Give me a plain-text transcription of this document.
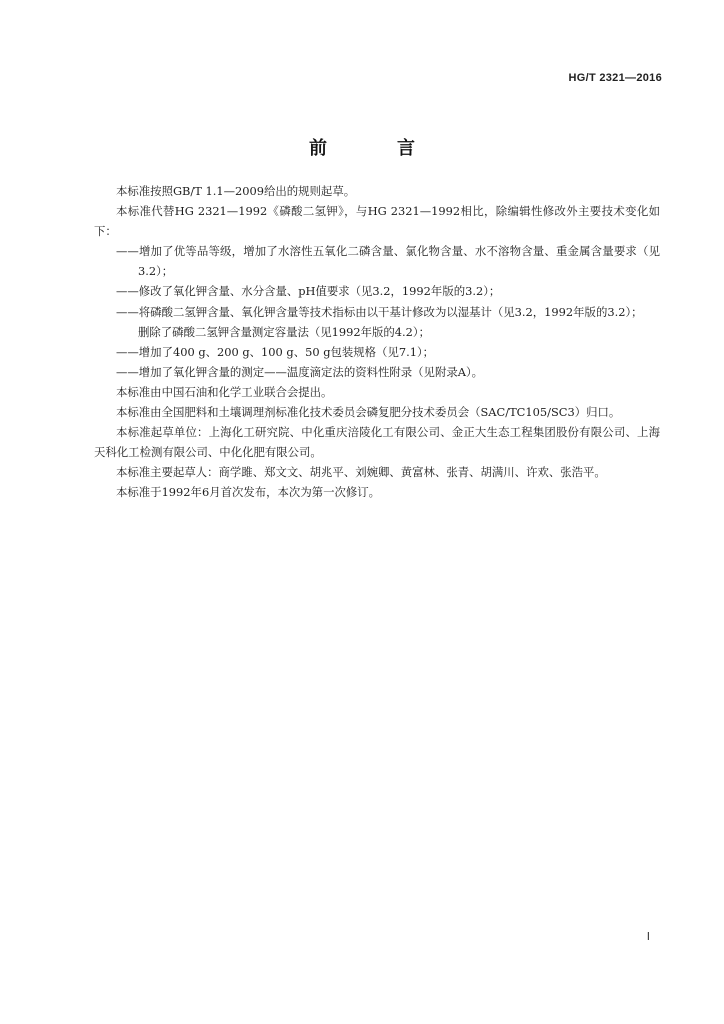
HG/T 2321—2016
前　言

本标准按照GB/T 1.1—2009给出的规则起草。

本标准代替HG 2321—1992《磷酸二氢钾》，与HG 2321—1992相比，除编辑性修改外主要技术变化如下：

——增加了优等品等级，增加了水溶性五氧化二磷含量、氯化物含量、水不溶物含量、重金属含量要求（见3.2）；

——修改了氧化钾含量、水分含量、pH值要求（见3.2，1992年版的3.2）；

——将磷酸二氢钾含量、氧化钾含量等技术指标由以干基计修改为以湿基计（见3.2，1992年版的3.2）；

删除了磷酸二氢钾含量测定容量法（见1992年版的4.2）；

——增加了400 g、200 g、100 g、50 g包装规格（见7.1）；

——增加了氧化钾含量的测定——温度滴定法的资料性附录（见附录A）。

本标准由中国石油和化学工业联合会提出。

本标准由全国肥料和土壤调理剂标准化技术委员会磷复肥分技术委员会（SAC/TC105/SC3）归口。

本标准起草单位：上海化工研究院、中化重庆涪陵化工有限公司、金正大生态工程集团股份有限公司、上海天科化工检测有限公司、中化化肥有限公司。

本标准主要起草人：商学雎、郑文文、胡兆平、刘婉卿、黄富林、张青、胡满川、许欢、张浩平。

本标准于1992年6月首次发布，本次为第一次修订。

I
